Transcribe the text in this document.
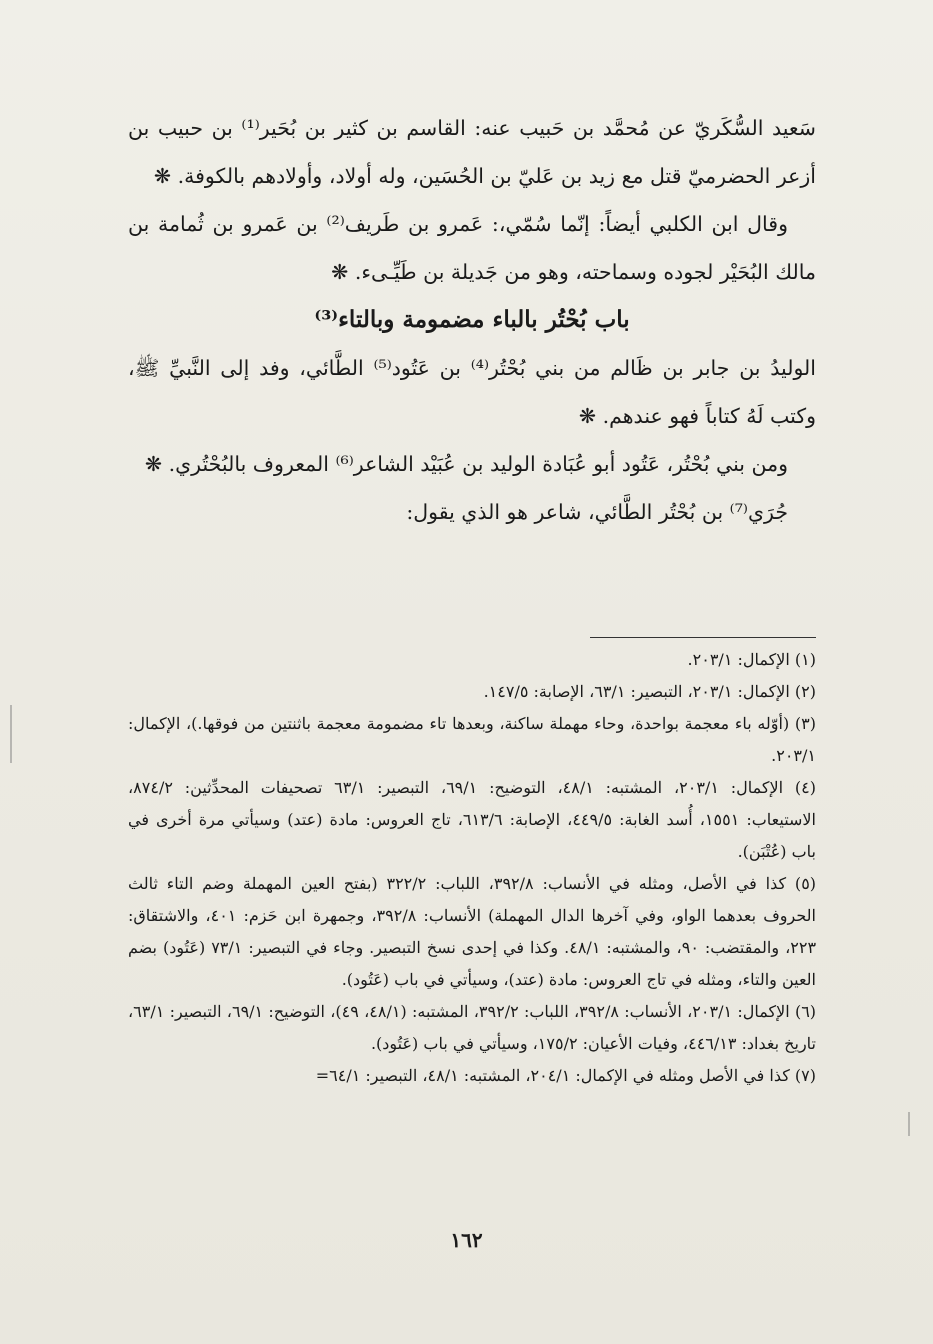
سَعيد السُّكَريّ عن مُحمَّد بن حَبيب عنه: القاسم بن كثير بن بُحَير⁽¹⁾ بن حبيب بن أزعر الحضرميّ قتل مع زيد بن عَليّ بن الحُسَين، وله أولاد، وأولادهم بالكوفة. ❋

وقال ابن الكلبي أيضاً: إنّما سُمّي،: عَمرو بن طَريف⁽²⁾ بن عَمرو بن ثُمامة بن مالك البُحَيْر لجوده وسماحته، وهو من جَديلة بن طَيِّـىء. ❋

باب بُحْتُر بالباء مضمومة وبالتاء⁽³⁾

الوليدُ بن جابر بن ظَالم من بني بُحْتُر⁽⁴⁾ بن عَتُود⁽⁵⁾ الطَّائي، وفد إلى النَّبيِّ ﷺ، وكتب لَهُ كتاباً فهو عندهم. ❋

ومن بني بُحْتُر، عَتُود أبو عُبَادة الوليد بن عُبَيْد الشاعر⁽⁶⁾ المعروف بالبُحْتُري. ❋

جُرَي⁽⁷⁾ بن بُحْتُر الطَّائي، شاعر هو الذي يقول:

(١) الإكمال: ٢٠٣/١.

(٢) الإكمال: ٢٠٣/١، التبصير: ٦٣/١، الإصابة: ١٤٧/٥.

(٣) (أوّله باء معجمة بواحدة، وحاء مهملة ساكنة، وبعدها تاء مضمومة معجمة باثنتين من فوقها.)، الإكمال: ٢٠٣/١.

(٤) الإكمال: ٢٠٣/١، المشتبه: ٤٨/١، التوضيح: ٦٩/١، التبصير: ٦٣/١ تصحيفات المحدِّثين: ٨٧٤/٢، الاستيعاب: ١٥٥١، أُسد الغابة: ٤٤٩/٥، الإصابة: ٦١٣/٦، تاج العروس: مادة (عتد) وسيأتي مرة أخرى في باب (عُتْبَن).

(٥) كذا في الأصل، ومثله في الأنساب: ٣٩٢/٨، اللباب: ٣٢٢/٢ (بفتح العين المهملة وضم التاء ثالث الحروف بعدهما الواو، وفي آخرها الدال المهملة) الأنساب: ٣٩٢/٨، وجمهرة ابن حَزم: ٤٠١، والاشتقاق: ٢٢٣، والمقتضب: ٩٠، والمشتبه: ٤٨/١. وكذا في إحدى نسخ التبصير. وجاء في التبصير: ٧٣/١ (عَتُود) بضم العين والتاء، ومثله في تاج العروس: مادة (عتد)، وسيأتي في باب (عَتُود).

(٦) الإكمال: ٢٠٣/١، الأنساب: ٣٩٢/٨، اللباب: ٣٩٢/٢، المشتبه: (٤٨/١، ٤٩)، التوضيح: ٦٩/١، التبصير: ٦٣/١، تاريخ بغداد: ٤٤٦/١٣، وفيات الأعيان: ١٧٥/٢، وسيأتي في باب (عَتُود).

(٧) كذا في الأصل ومثله في الإكمال: ٢٠٤/١، المشتبه: ٤٨/١، التبصير: ٦٤/١=

١٦٢
